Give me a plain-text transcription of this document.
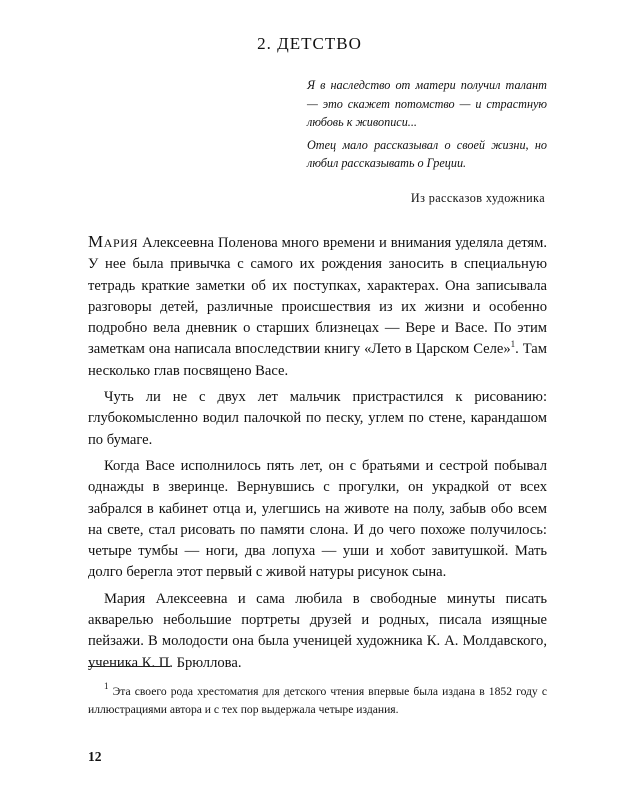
2. ДЕТСТВО

Я в наследство от матери получил талант — это скажет потомство — и страстную любовь к живописи...

Отец мало рассказывал о своей жизни, но любил рассказывать о Греции.

Из рассказов художника

Мария Алексеевна Поленова много времени и внимания уделяла детям. У нее была привычка с самого их рождения заносить в специальную тетрадь краткие заметки об их поступках, характерах. Она записывала разговоры детей, различные происшествия из их жизни и особенно подробно вела дневник о старших близнецах — Вере и Васе. По этим заметкам она написала впоследствии книгу «Лето в Царском Селе»$^1$. Там несколько глав посвящено Васе.

Чуть ли не с двух лет мальчик пристрастился к рисованию: глубокомысленно водил палочкой по песку, углем по стене, карандашом по бумаге.

Когда Васе исполнилось пять лет, он с братьями и сестрой побывал однажды в зверинце. Вернувшись с прогулки, он украдкой от всех забрался в кабинет отца и, улегшись на животе на полу, забыв обо всем на свете, стал рисовать по памяти слона. И до чего похоже получилось: четыре тумбы — ноги, два лопуха — уши и хобот завитушкой. Мать долго берегла этот первый с живой натуры рисунок сына.

Мария Алексеевна и сама любила в свободные минуты писать акварелью небольшие портреты друзей и родных, писала изящные пейзажи. В молодости она была ученицей художника К. А. Молдавского, ученика К. П. Брюллова.

$^1$ Эта своего рода хрестоматия для детского чтения впервые была издана в 1852 году с иллюстрациями автора и с тех пор выдержала четыре издания.

12
